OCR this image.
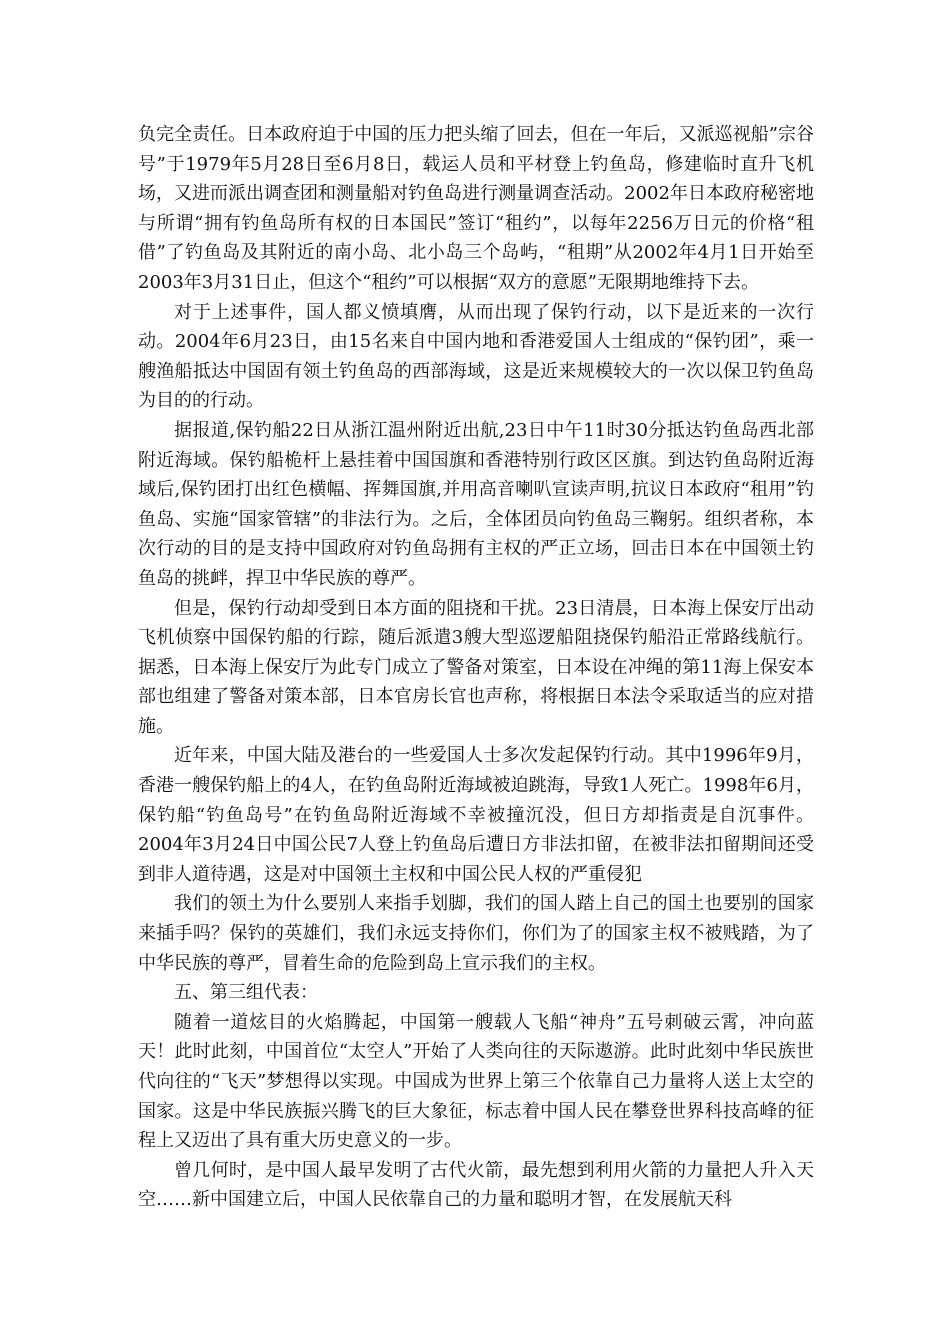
负完全责任。日本政府迫于中国的压力把头缩了回去，但在一年后，又派巡视船”宗谷号”于1979年5月28日至6月8日，载运人员和平材登上钓鱼岛，修建临时直升飞机场，又进而派出调查团和测量船对钓鱼岛进行测量调查活动。2002年日本政府秘密地与所谓“拥有钓鱼岛所有权的日本国民”签订“租约”，以每年2256万日元的价格“租借”了钓鱼岛及其附近的南小岛、北小岛三个岛屿，“租期”从2002年4月1日开始至2003年3月31日止，但这个“租约”可以根据“双方的意愿”无限期地维持下去。

对于上述事件，国人都义愤填膺，从而出现了保钓行动，以下是近来的一次行动。2004年6月23日，由15名来自中国内地和香港爱国人士组成的“保钓团”，乘一艘渔船抵达中国固有领土钓鱼岛的西部海域，这是近来规模较大的一次以保卫钓鱼岛为目的的行动。

据报道,保钓船22日从浙江温州附近出航,23日中午11时30分抵达钓鱼岛西北部附近海域。保钓船桅杆上悬挂着中国国旗和香港特别行政区区旗。到达钓鱼岛附近海域后,保钓团打出红色横幅、挥舞国旗,并用高音喇叭宣读声明,抗议日本政府“租用”钓鱼岛、实施“国家管辖”的非法行为。之后，全体团员向钓鱼岛三鞠躬。组织者称，本次行动的目的是支持中国政府对钓鱼岛拥有主权的严正立场，回击日本在中国领土钓鱼岛的挑衅，捍卫中华民族的尊严。

但是，保钓行动却受到日本方面的阻挠和干扰。23日清晨，日本海上保安厅出动飞机侦察中国保钓船的行踪，随后派遣3艘大型巡逻船阻挠保钓船沿正常路线航行。据悉，日本海上保安厅为此专门成立了警备对策室，日本设在冲绳的第11海上保安本部也组建了警备对策本部，日本官房长官也声称，将根据日本法令采取适当的应对措施。

近年来，中国大陆及港台的一些爱国人士多次发起保钓行动。其中1996年9月，香港一艘保钓船上的4人，在钓鱼岛附近海域被迫跳海，导致1人死亡。1998年6月，保钓船“钓鱼岛号”在钓鱼岛附近海域不幸被撞沉没，但日方却指责是自沉事件。2004年3月24日中国公民7人登上钓鱼岛后遭日方非法扣留，在被非法扣留期间还受到非人道待遇，这是对中国领土主权和中国公民人权的严重侵犯

我们的领土为什么要别人来指手划脚，我们的国人踏上自己的国土也要别的国家来插手吗？保钓的英雄们，我们永远支持你们，你们为了的国家主权不被贱踏，为了中华民族的尊严，冒着生命的危险到岛上宣示我们的主权。

五、第三组代表：

随着一道炫目的火焰腾起，中国第一艘载人飞船“神舟”五号刺破云霄，冲向蓝天！此时此刻，中国首位“太空人”开始了人类向往的天际遨游。此时此刻中华民族世代向往的“飞天”梦想得以实现。中国成为世界上第三个依靠自己力量将人送上太空的国家。这是中华民族振兴腾飞的巨大象征，标志着中国人民在攀登世界科技高峰的征程上又迈出了具有重大历史意义的一步。

曾几何时，是中国人最早发明了古代火箭，最先想到利用火箭的力量把人升入天空……新中国建立后，中国人民依靠自己的力量和聪明才智，在发展航天科
